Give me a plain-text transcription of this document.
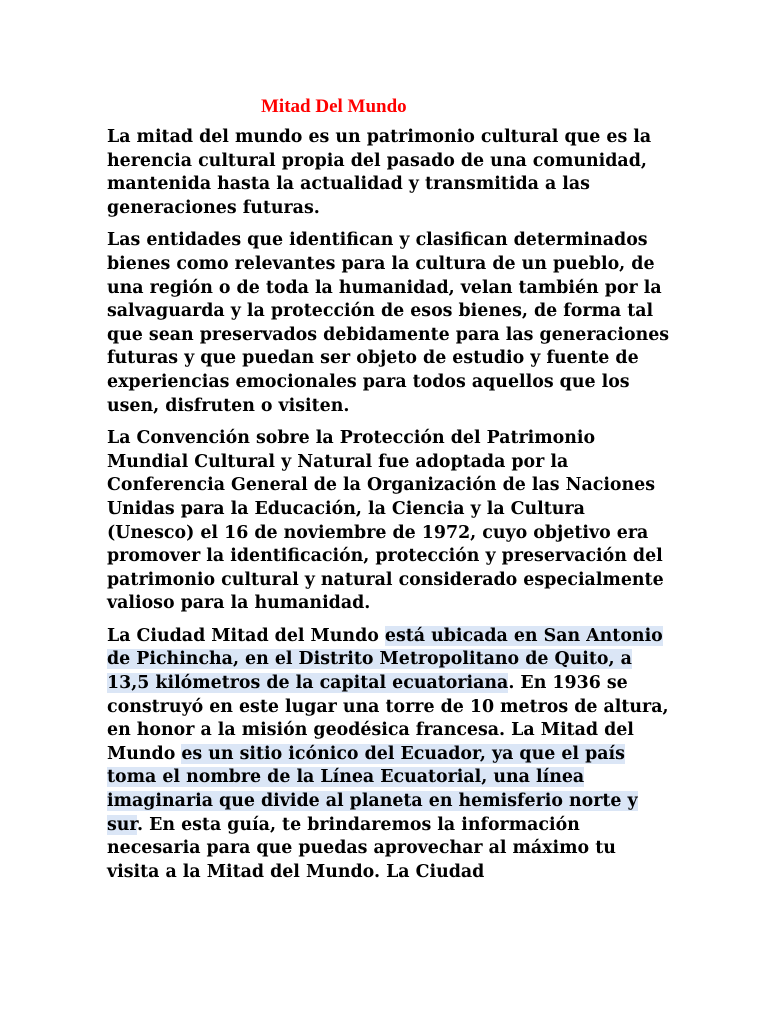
Mitad Del Mundo

La mitad del mundo es un patrimonio cultural que es la herencia cultural propia del pasado de una comunidad, mantenida hasta la actualidad y transmitida a las generaciones futuras.

Las entidades que identifican y clasifican determinados bienes como relevantes para la cultura de un pueblo, de una región o de toda la humanidad, velan también por la salvaguarda y la protección de esos bienes, de forma tal que sean preservados debidamente para las generaciones futuras y que puedan ser objeto de estudio y fuente de experiencias emocionales para todos aquellos que los usen, disfruten o visiten.

La Convención sobre la Protección del Patrimonio Mundial Cultural y Natural fue adoptada por la Conferencia General de la Organización de las Naciones Unidas para la Educación, la Ciencia y la Cultura (Unesco) el 16 de noviembre de 1972, cuyo objetivo era promover la identificación, protección y preservación del patrimonio cultural y natural considerado especialmente valioso para la humanidad.

La Ciudad Mitad del Mundo está ubicada en San Antonio de Pichincha, en el Distrito Metropolitano de Quito, a 13,5 kilómetros de la capital ecuatoriana. En 1936 se construyó en este lugar una torre de 10 metros de altura, en honor a la misión geodésica francesa. La Mitad del Mundo es un sitio icónico del Ecuador, ya que el país toma el nombre de la Línea Ecuatorial, una línea imaginaria que divide al planeta en hemisferio norte y sur. En esta guía, te brindaremos la información necesaria para que puedas aprovechar al máximo tu visita a la Mitad del Mundo. La Ciudad
